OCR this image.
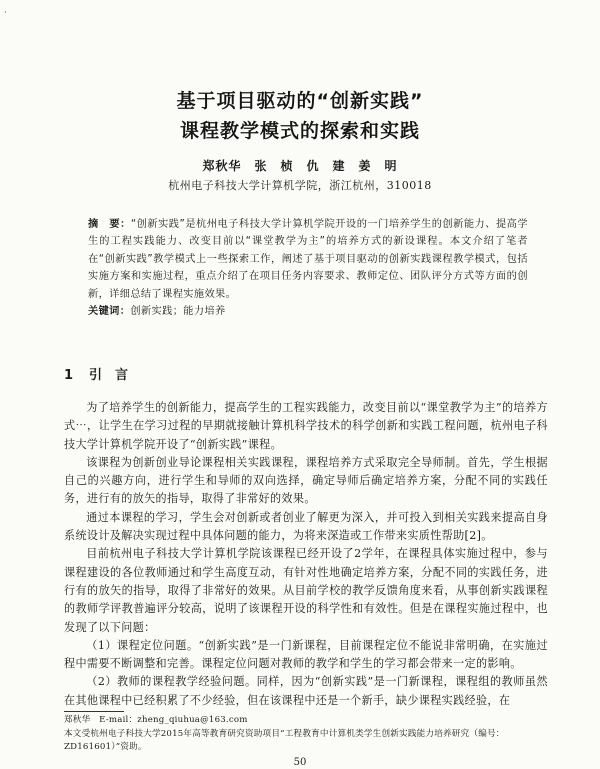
·
基于项目驱动的“创新实践”
课程教学模式的探索和实践
郑秋华　张　桢　仇　建　姜　明
杭州电子科技大学计算机学院，浙江杭州，310018
摘　要：“创新实践”是杭州电子科技大学计算机学院开设的一门培养学生的创新能力、提高学生的工程实践能力、改变目前以“课堂教学为主”的培养方式的新设课程。本文介绍了笔者在“创新实践”教学模式上一些探索工作，阐述了基于项目驱动的创新实践课程教学模式，包括实施方案和实施过程，重点介绍了在项目任务内容要求、教师定位、团队评分方式等方面的创新，详细总结了课程实施效果。
关键词：创新实践；能力培养
1 引　言

为了培养学生的创新能力，提高学生的工程实践能力，改变目前以“课堂教学为主”的培养方式⋯，让学生在学习过程的早期就接触计算机科学技术的科学创新和实践工程问题，杭州电子科技大学计算机学院开设了“创新实践”课程。

该课程为创新创业导论课程相关实践课程，课程培养方式采取完全导师制。首先，学生根据自己的兴趣方向，进行学生和导师的双向选择，确定导师后确定培养方案，分配不同的实践任务，进行有的放矢的指导，取得了非常好的效果。

通过本课程的学习，学生会对创新或者创业了解更为深入，并可投入到相关实践来提高自身系统设计及解决实现过程中具体问题的能力，为将来深造或工作带来实质性帮助[2]。

目前杭州电子科技大学计算机学院该课程已经开设了2学年，在课程具体实施过程中，参与课程建设的各位教师通过和学生高度互动，有针对性地确定培养方案，分配不同的实践任务，进行有的放矢的指导，取得了非常好的效果。从目前学校的教学反馈角度来看，从事创新实践课程的教师学评教普遍评分较高，说明了该课程开设的科学性和有效性。但是在课程实施过程中，也发现了以下问题：

（1）课程定位问题。“创新实践”是一门新课程，目前课程定位不能说非常明确，在实施过程中需要不断调整和完善。课程定位问题对教师的教学和学生的学习都会带来一定的影响。

（2）教师的课程教学经验问题。同样，因为“创新实践”是一门新课程，课程组的教师虽然在其他课程中已经积累了不少经验，但在该课程中还是一个新手，缺少课程实践经验，在

郑秋华　E-mail：zheng_qiuhua@163.com
本文受杭州电子科技大学2015年高等教育研究资助项目“工程教育中计算机类学生创新实践能力培养研究（编号：ZD161601）”资助。
50
